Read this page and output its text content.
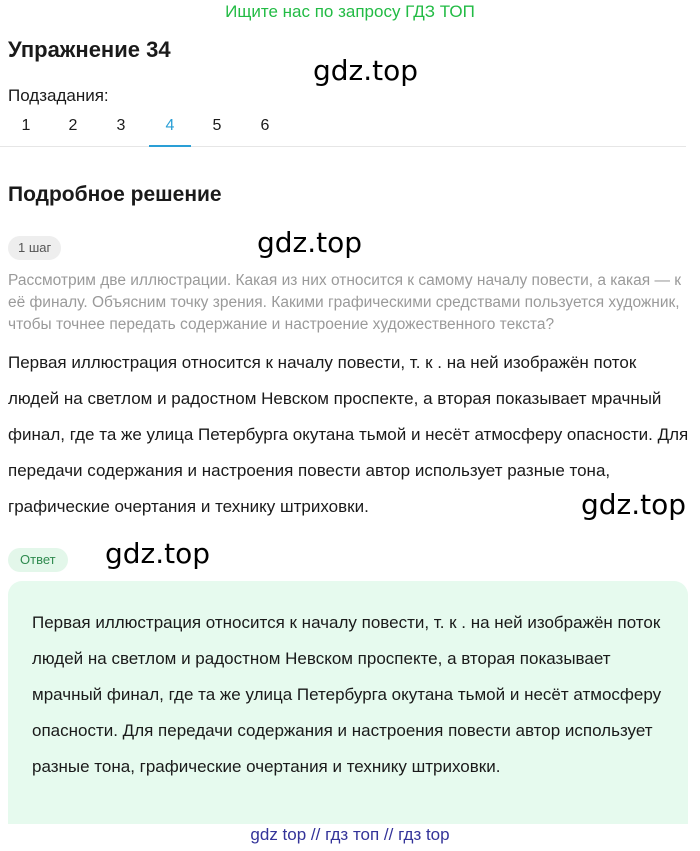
Ищите нас по запросу ГДЗ ТОП
Упражнение 34
gdz.top
Подзадания:
1	2	3	4	5	6
Подробное решение
1 шаг	gdz.top
Рассмотрим две иллюстрации. Какая из них относится к самому началу повести, а какая — к её финалу. Объясним точку зрения. Какими графическими средствами пользуется художник, чтобы точнее передать содержание и настроение художественного текста?
Первая иллюстрация относится к началу повести, т. к . на ней изображён поток людей на светлом и радостном Невском проспекте, а вторая показывает мрачный финал, где та же улица Петербурга окутана тьмой и несёт атмосферу опасности. Для передачи содержания и настроения повести автор использует разные тона, графические очертания и технику штриховки.	gdz.top
Ответ	gdz.top
Первая иллюстрация относится к началу повести, т. к . на ней изображён поток людей на светлом и радостном Невском проспекте, а вторая показывает мрачный финал, где та же улица Петербурга окутана тьмой и несёт атмосферу опасности. Для передачи содержания и настроения повести автор использует разные тона, графические очертания и технику штриховки.
gdz top // гдз топ // гдз top
